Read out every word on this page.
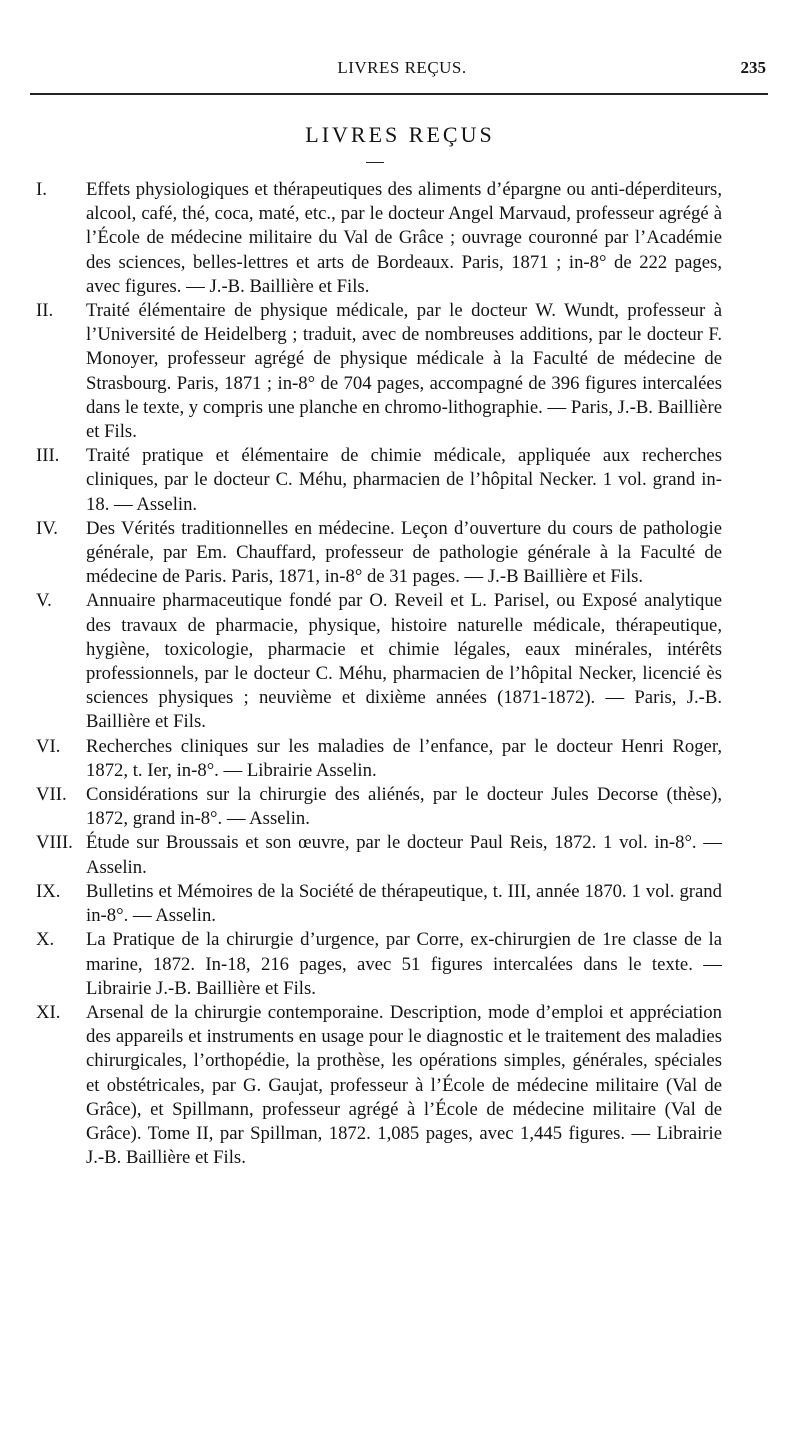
LIVRES REÇUS.	235
LIVRES REÇUS
I.	Effets physiologiques et thérapeutiques des aliments d’épargne ou anti-déperditeurs, alcool, café, thé, coca, maté, etc., par le docteur Angel Marvaud, professeur agrégé à l’École de médecine militaire du Val de Grâce ; ouvrage couronné par l’Académie des sciences, belles-lettres et arts de Bordeaux. Paris, 1871 ; in-8° de 222 pages, avec figures. — J.-B. Baillière et Fils.
II.	Traité élémentaire de physique médicale, par le docteur W. Wundt, professeur à l’Université de Heidelberg ; traduit, avec de nombreuses additions, par le docteur F. Monoyer, professeur agrégé de physique médicale à la Faculté de médecine de Strasbourg. Paris, 1871 ; in-8° de 704 pages, accompagné de 396 figures intercalées dans le texte, y compris une planche en chromo-lithographie. — Paris, J.-B. Baillière et Fils.
III.	Traité pratique et élémentaire de chimie médicale, appliquée aux recherches cliniques, par le docteur C. Méhu, pharmacien de l’hôpital Necker. 1 vol. grand in-18. — Asselin.
IV.	Des Vérités traditionnelles en médecine. Leçon d’ouverture du cours de pathologie générale, par Em. Chauffard, professeur de pathologie générale à la Faculté de médecine de Paris. Paris, 1871, in-8° de 31 pages. — J.-B Baillière et Fils.
V.	Annuaire pharmaceutique fondé par O. Reveil et L. Parisel, ou Exposé analytique des travaux de pharmacie, physique, histoire naturelle médicale, thérapeutique, hygiène, toxicologie, pharmacie et chimie légales, eaux minérales, intérêts professionnels, par le docteur C. Méhu, pharmacien de l’hôpital Necker, licencié ès sciences physiques ; neuvième et dixième années (1871-1872). — Paris, J.-B. Baillière et Fils.
VI.	Recherches cliniques sur les maladies de l’enfance, par le docteur Henri Roger, 1872, t. Ier, in-8°. — Librairie Asselin.
VII.	Considérations sur la chirurgie des aliénés, par le docteur Jules Decorse (thèse), 1872, grand in-8°. — Asselin.
VIII. Étude sur Broussais et son œuvre, par le docteur Paul Reis, 1872. 1 vol. in-8°. — Asselin.
IX.	Bulletins et Mémoires de la Société de thérapeutique, t. III, année 1870. 1 vol. grand in-8°. — Asselin.
X.	La Pratique de la chirurgie d’urgence, par Corre, ex-chirurgien de 1re classe de la marine, 1872. In-18, 216 pages, avec 51 figures intercalées dans le texte. — Librairie J.-B. Baillière et Fils.
XI.	Arsenal de la chirurgie contemporaine. Description, mode d’emploi et appréciation des appareils et instruments en usage pour le diagnostic et le traitement des maladies chirurgicales, l’orthopédie, la prothèse, les opérations simples, générales, spéciales et obstétricales, par G. Gaujat, professeur à l’École de médecine militaire (Val de Grâce), et Spillmann, professeur agrégé à l’École de médecine militaire (Val de Grâce). Tome II, par Spillman, 1872. 1,085 pages, avec 1,445 figures. — Librairie J.-B. Baillière et Fils.
